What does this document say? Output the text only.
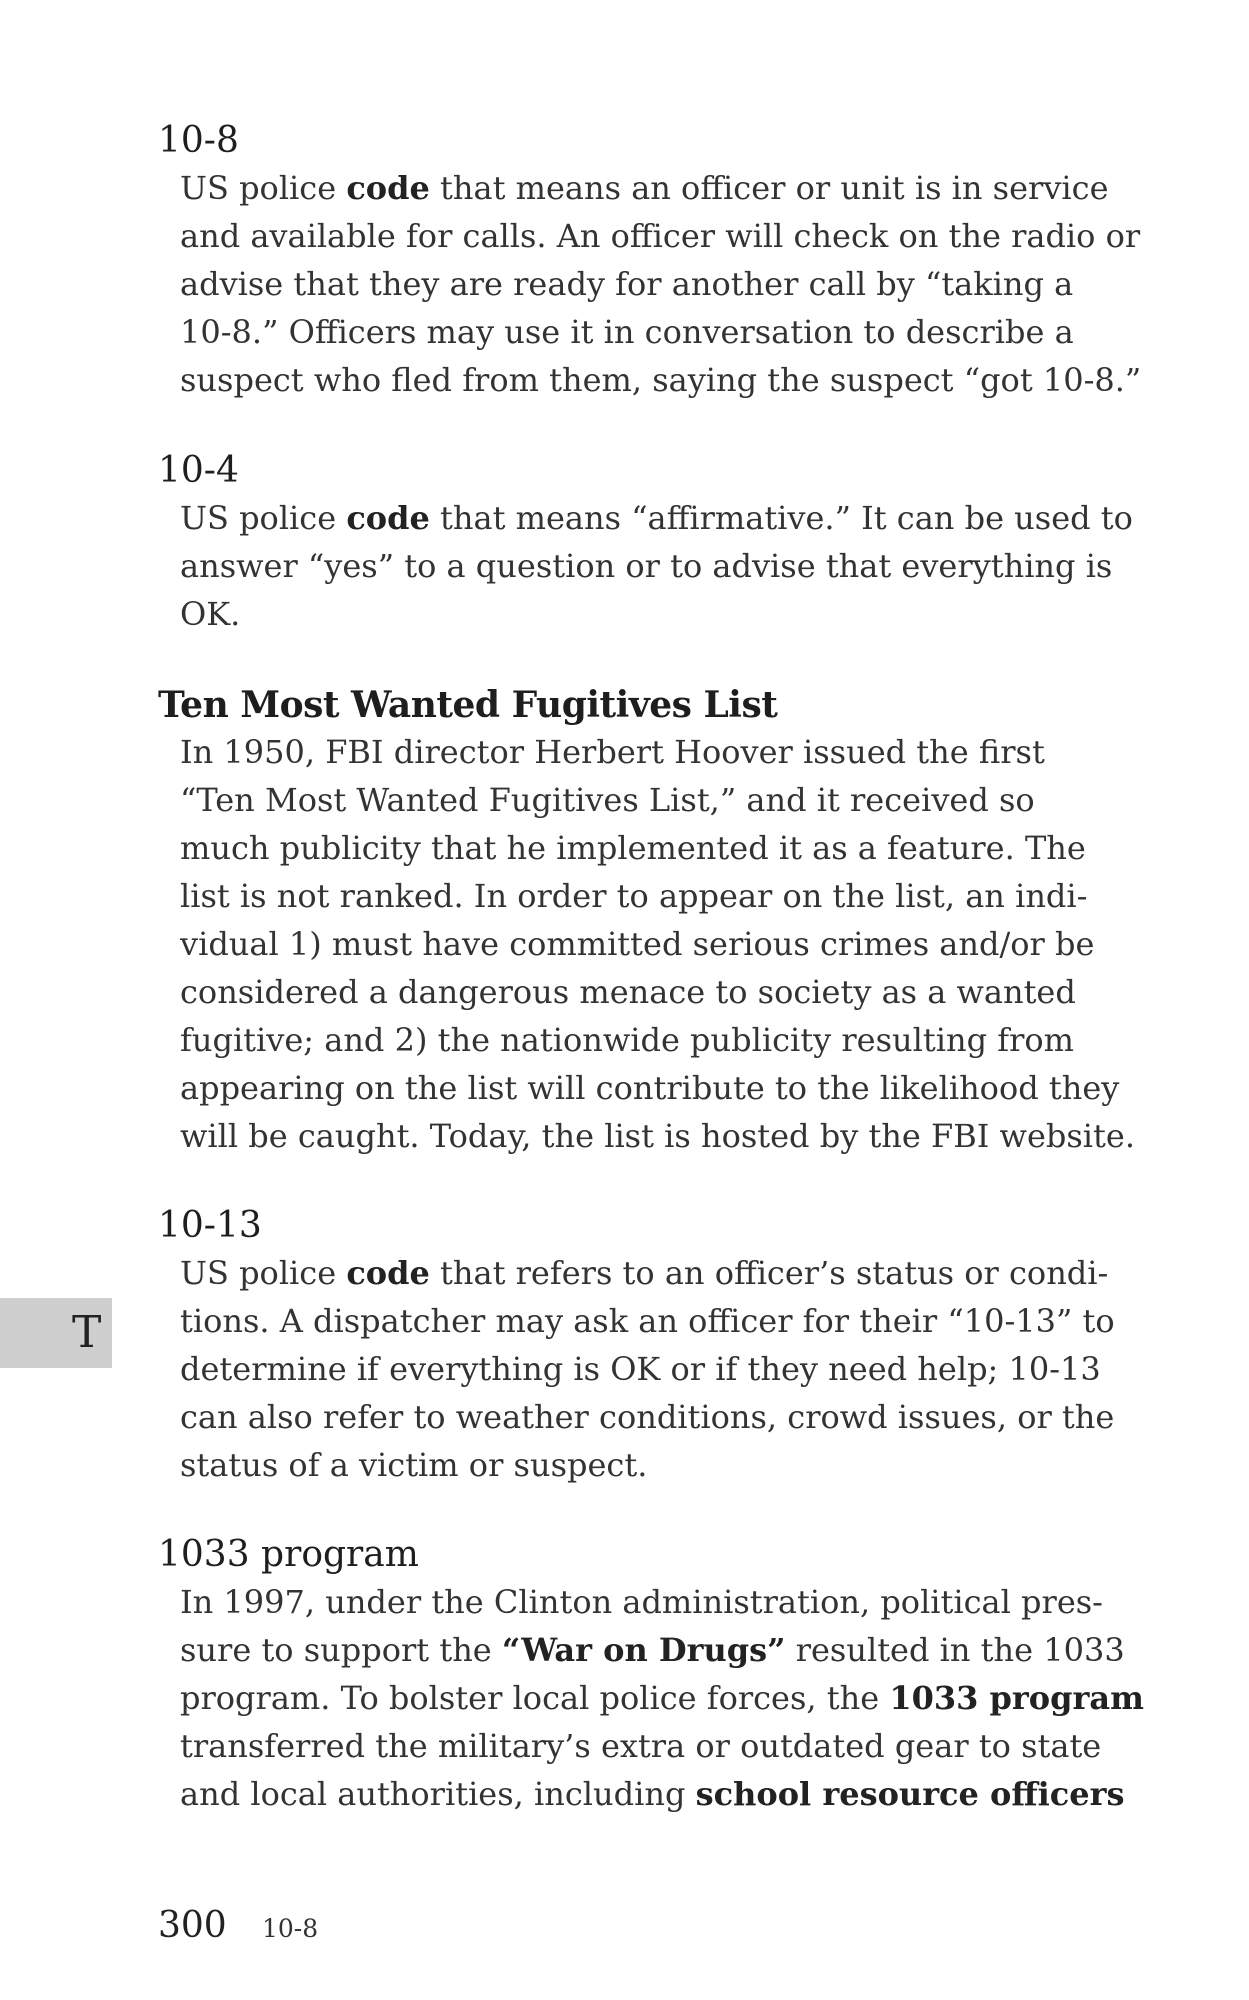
10-8
US police code that means an officer or unit is in service
and available for calls. An officer will check on the radio or
advise that they are ready for another call by “taking a
10-8.” Officers may use it in conversation to describe a
suspect who fled from them, saying the suspect “got 10-8.”
10-4
US police code that means “affirmative.” It can be used to
answer “yes” to a question or to advise that everything is
OK.
Ten Most Wanted Fugitives List
In 1950, FBI director Herbert Hoover issued the first
“Ten Most Wanted Fugitives List,” and it received so
much publicity that he implemented it as a feature. The
list is not ranked. In order to appear on the list, an indi-
vidual 1) must have committed serious crimes and/or be
considered a dangerous menace to society as a wanted
fugitive; and 2) the nationwide publicity resulting from
appearing on the list will contribute to the likelihood they
will be caught. Today, the list is hosted by the FBI website.
10-13
US police code that refers to an officer’s status or condi-
tions. A dispatcher may ask an officer for their “10-13” to
determine if everything is OK or if they need help; 10-13
can also refer to weather conditions, crowd issues, or the
status of a victim or suspect.
1033 program
In 1997, under the Clinton administration, political pres-
sure to support the “War on Drugs” resulted in the 1033
program. To bolster local police forces, the 1033 program
transferred the military’s extra or outdated gear to state
and local authorities, including school resource officers
T
300 10-8
